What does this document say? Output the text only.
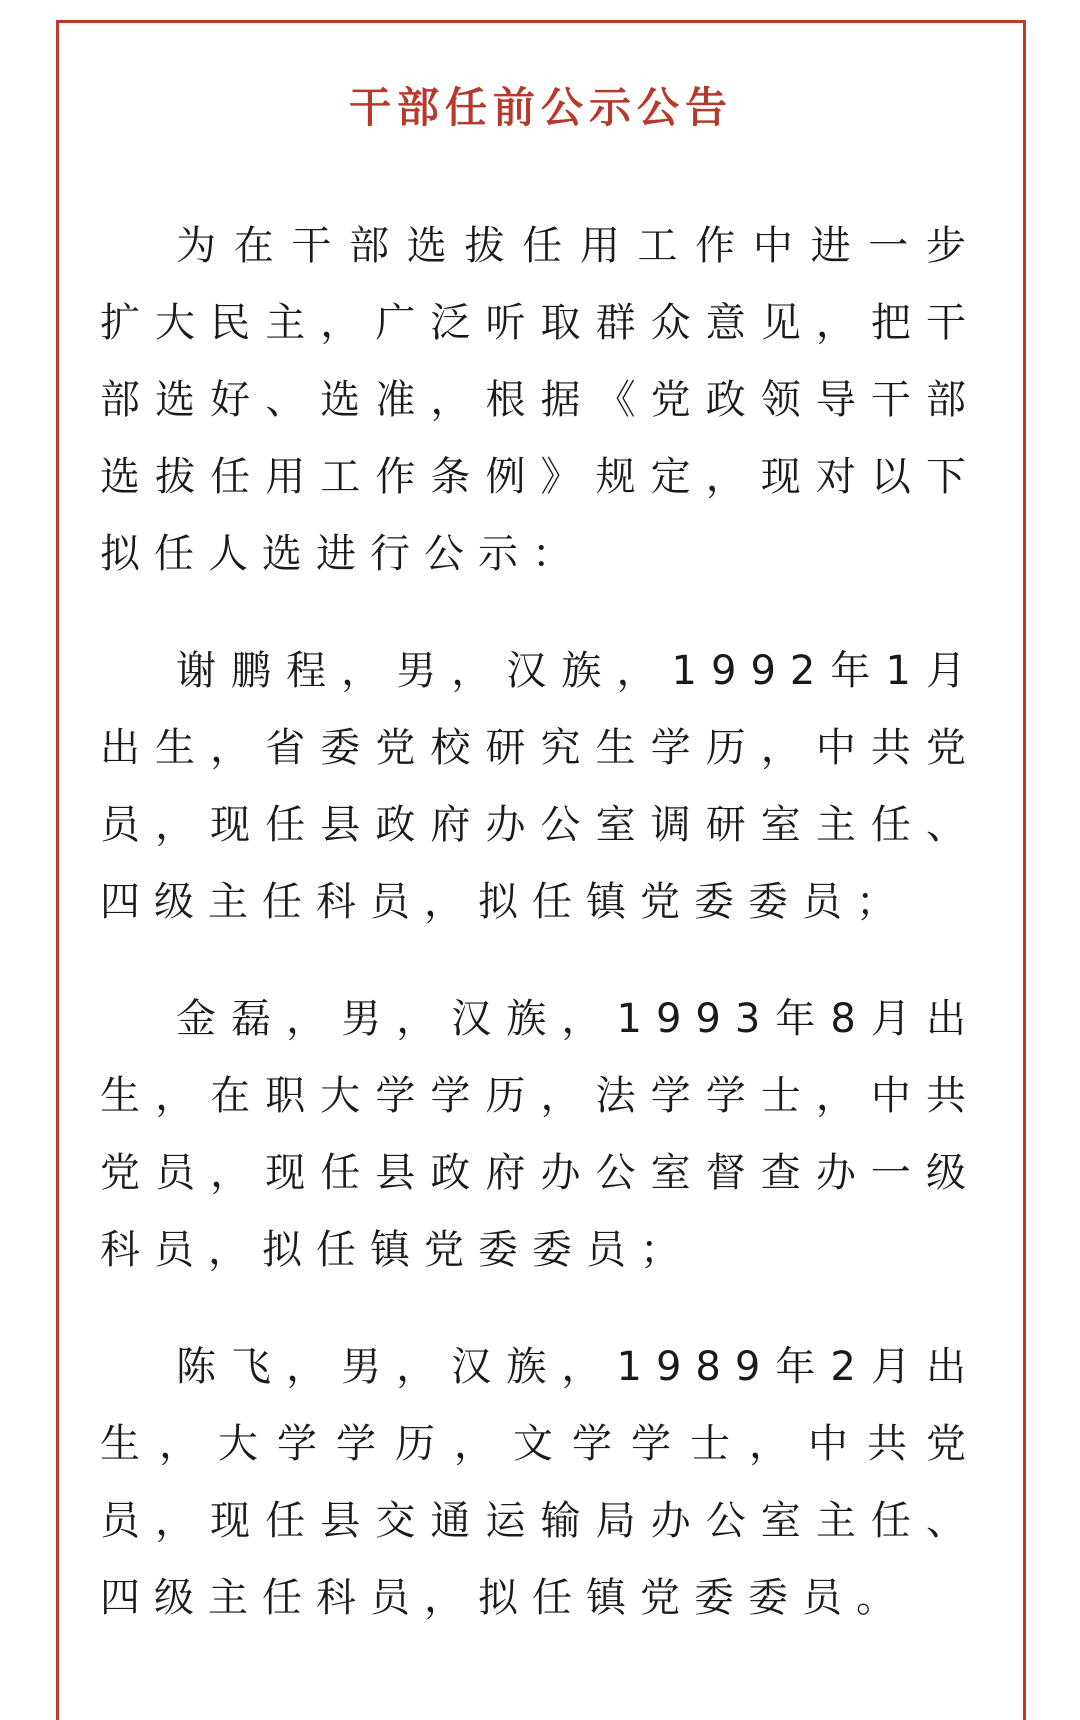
干部任前公示公告

为在干部选拔任用工作中进一步扩大民主，广泛听取群众意见，把干部选好、选准，根据《党政领导干部选拔任用工作条例》规定，现对以下拟任人选进行公示：

谢鹏程，男，汉族，1992年1月出生，省委党校研究生学历，中共党员，现任县政府办公室调研室主任、四级主任科员，拟任镇党委委员；

金磊，男，汉族，1993年8月出生，在职大学学历，法学学士，中共党员，现任县政府办公室督查办一级科员，拟任镇党委委员；

陈飞，男，汉族，1989年2月出生，大学学历，文学学士，中共党员，现任县交通运输局办公室主任、四级主任科员，拟任镇党委委员。
